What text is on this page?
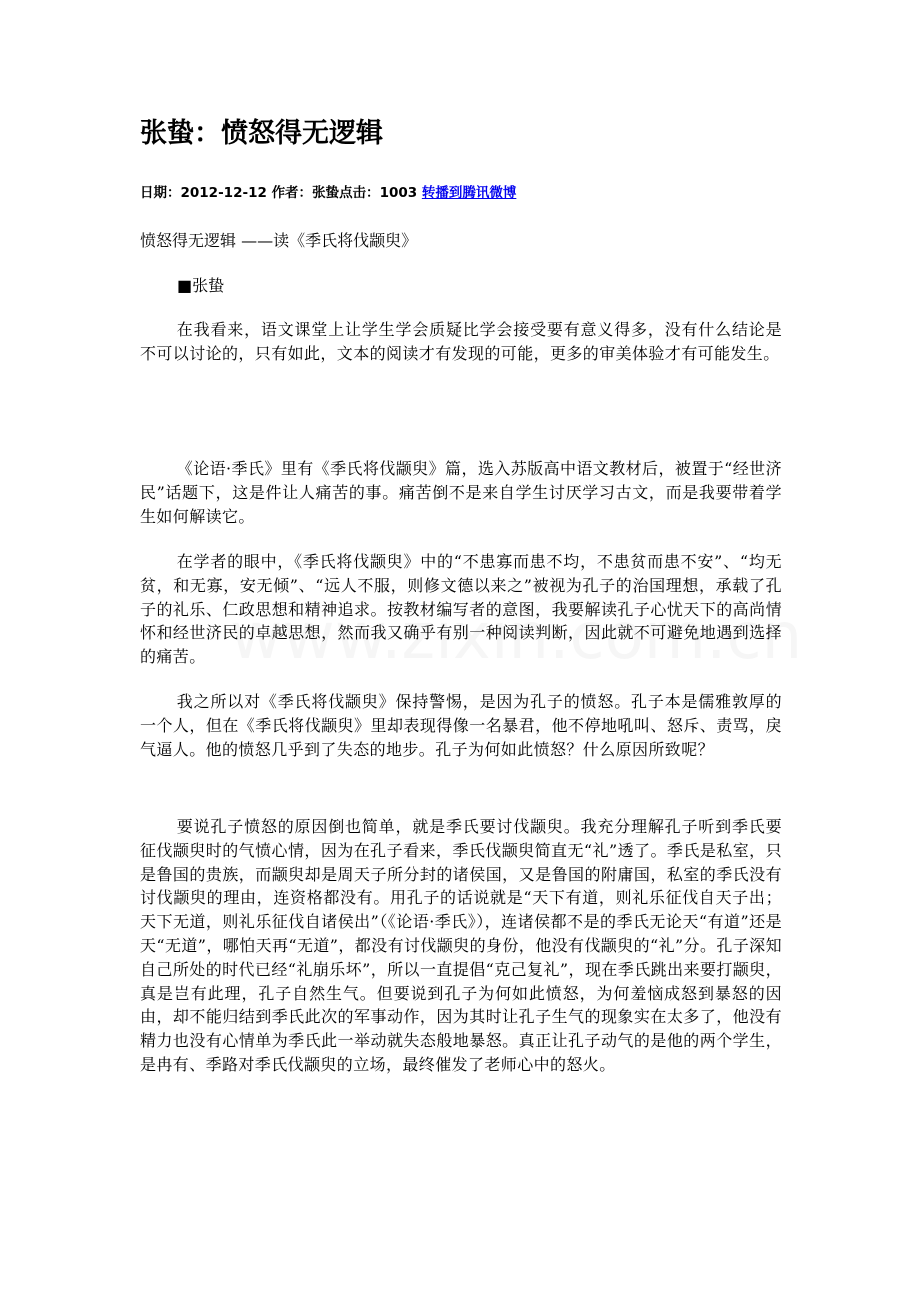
张蛰：愤怒得无逻辑
日期：2012-12-12 作者：张蛰点击：1003 转播到腾讯微博
愤怒得无逻辑 ——读《季氏将伐颛臾》
■张蛰

在我看来，语文课堂上让学生学会质疑比学会接受要有意义得多，没有什么结论是不可以讨论的，只有如此，文本的阅读才有发现的可能，更多的审美体验才有可能发生。

《论语·季氏》里有《季氏将伐颛臾》篇，选入苏版高中语文教材后，被置于“经世济民”话题下，这是件让人痛苦的事。痛苦倒不是来自学生讨厌学习古文，而是我要带着学生如何解读它。

在学者的眼中，《季氏将伐颛臾》中的“不患寡而患不均，不患贫而患不安”、“均无贫，和无寡，安无倾”、“远人不服，则修文德以来之”被视为孔子的治国理想，承载了孔子的礼乐、仁政思想和精神追求。按教材编写者的意图，我要解读孔子心忧天下的高尚情怀和经世济民的卓越思想，然而我又确乎有别一种阅读判断，因此就不可避免地遇到选择的痛苦。

我之所以对《季氏将伐颛臾》保持警惕，是因为孔子的愤怒。孔子本是儒雅敦厚的一个人，但在《季氏将伐颛臾》里却表现得像一名暴君，他不停地吼叫、怒斥、责骂，戾气逼人。他的愤怒几乎到了失态的地步。孔子为何如此愤怒？什么原因所致呢？

要说孔子愤怒的原因倒也简单，就是季氏要讨伐颛臾。我充分理解孔子听到季氏要征伐颛臾时的气愤心情，因为在孔子看来，季氏伐颛臾简直无“礼”透了。季氏是私室，只是鲁国的贵族，而颛臾却是周天子所分封的诸侯国，又是鲁国的附庸国，私室的季氏没有讨伐颛臾的理由，连资格都没有。用孔子的话说就是“天下有道，则礼乐征伐自天子出；天下无道，则礼乐征伐自诸侯出”（《论语·季氏》），连诸侯都不是的季氏无论天“有道”还是天“无道”，哪怕天再“无道”，都没有讨伐颛臾的身份，他没有伐颛臾的“礼”分。孔子深知自己所处的时代已经“礼崩乐坏”，所以一直提倡“克己复礼”，现在季氏跳出来要打颛臾，真是岂有此理，孔子自然生气。但要说到孔子为何如此愤怒，为何羞恼成怒到暴怒的因由，却不能归结到季氏此次的军事动作，因为其时让孔子生气的现象实在太多了，他没有精力也没有心情单为季氏此一举动就失态般地暴怒。真正让孔子动气的是他的两个学生，是冉有、季路对季氏伐颛臾的立场，最终催发了老师心中的怒火。
